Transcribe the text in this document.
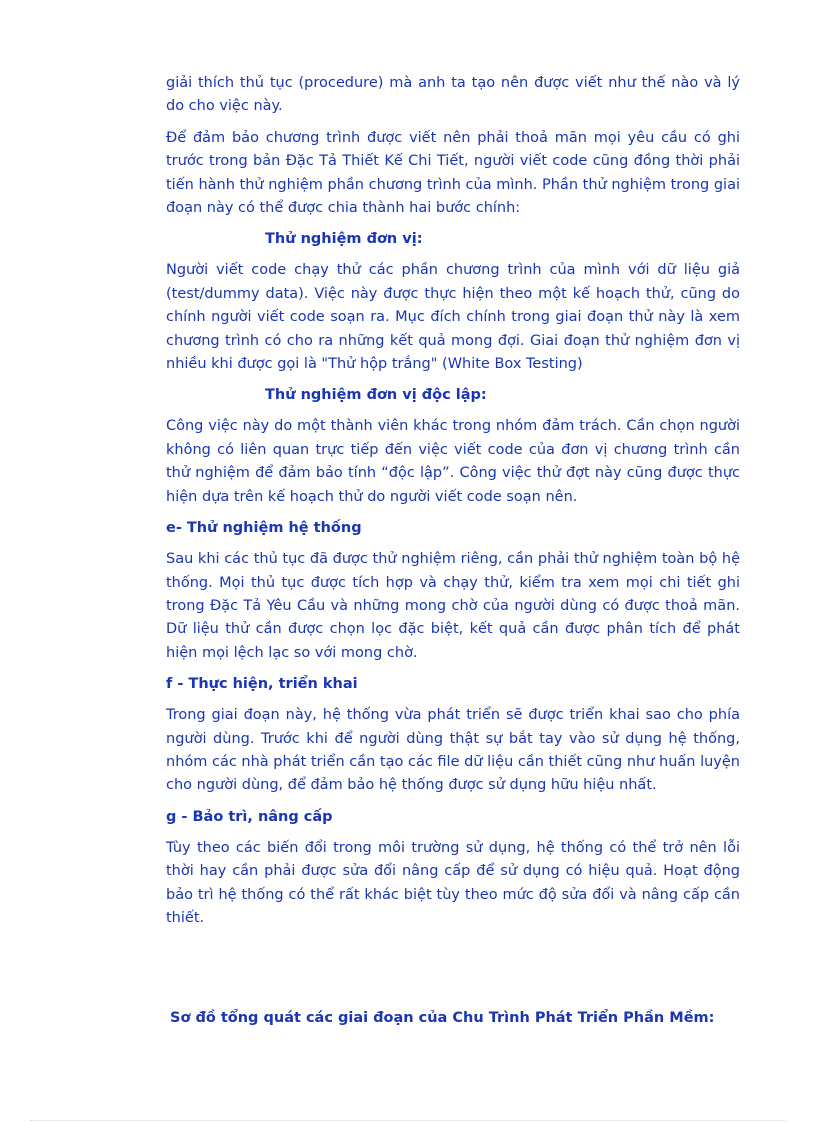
giải thích thủ tục (procedure) mà anh ta tạo nên được viết như thế nào và lý do cho việc này.

Để đảm bảo chương trình được viết nên phải thoả mãn mọi yêu cầu có ghi trước trong bản Đặc Tả Thiết Kế Chi Tiết, người viết code cũng đồng thời phải tiến hành thử nghiệm phần chương trình của mình. Phần thử nghiệm trong giai đoạn này có thể được chia thành hai bước chính:

Thử nghiệm đơn vị:

Người viết code chạy thử các phần chương trình của mình với dữ liệu giả (test/dummy data). Việc này được thực hiện theo một kế hoạch thử, cũng do chính người viết code soạn ra. Mục đích chính trong giai đoạn thử này là xem chương trình có cho ra những kết quả mong đợi. Giai đoạn thử nghiệm đơn vị nhiều khi được gọi là "Thử hộp trắng" (White Box Testing)

Thử nghiệm đơn vị độc lập:

Công việc này do một thành viên khác trong nhóm đảm trách. Cần chọn người không có liên quan trực tiếp đến việc viết code của đơn vị chương trình cần thử nghiệm để đảm bảo tính “độc lập”. Công việc thử đợt này cũng được thực hiện dựa trên kế hoạch thử do người viết code soạn nên.

e- Thử nghiệm hệ thống

Sau khi các thủ tục đã được thử nghiệm riêng, cần phải thử nghiệm toàn bộ hệ thống. Mọi thủ tục được tích hợp và chạy thử, kiểm tra xem mọi chi tiết ghi trong Đặc Tả Yêu Cầu và những mong chờ của người dùng có được thoả mãn. Dữ liệu thử cần được chọn lọc đặc biệt, kết quả cần được phân tích để phát hiện mọi lệch lạc so với mong chờ.

f - Thực hiện, triển khai

Trong giai đoạn này, hệ thống vừa phát triển sẽ được triển khai sao cho phía người dùng. Trước khi để người dùng thật sự bắt tay vào sử dụng hệ thống, nhóm các nhà phát triển cần tạo các file dữ liệu cần thiết cũng như huấn luyện cho người dùng, để đảm bảo hệ thống được sử dụng hữu hiệu nhất.

g - Bảo trì, nâng cấp

Tùy theo các biến đổi trong môi trường sử dụng, hệ thống có thể trở nên lỗi thời hay cần phải được sửa đổi nâng cấp để sử dụng có hiệu quả. Hoạt động bảo trì hệ thống có thể rất khác biệt tùy theo mức độ sửa đổi và nâng cấp cần thiết.

Sơ đồ tổng quát các giai đoạn của Chu Trình Phát Triển Phần Mềm:
